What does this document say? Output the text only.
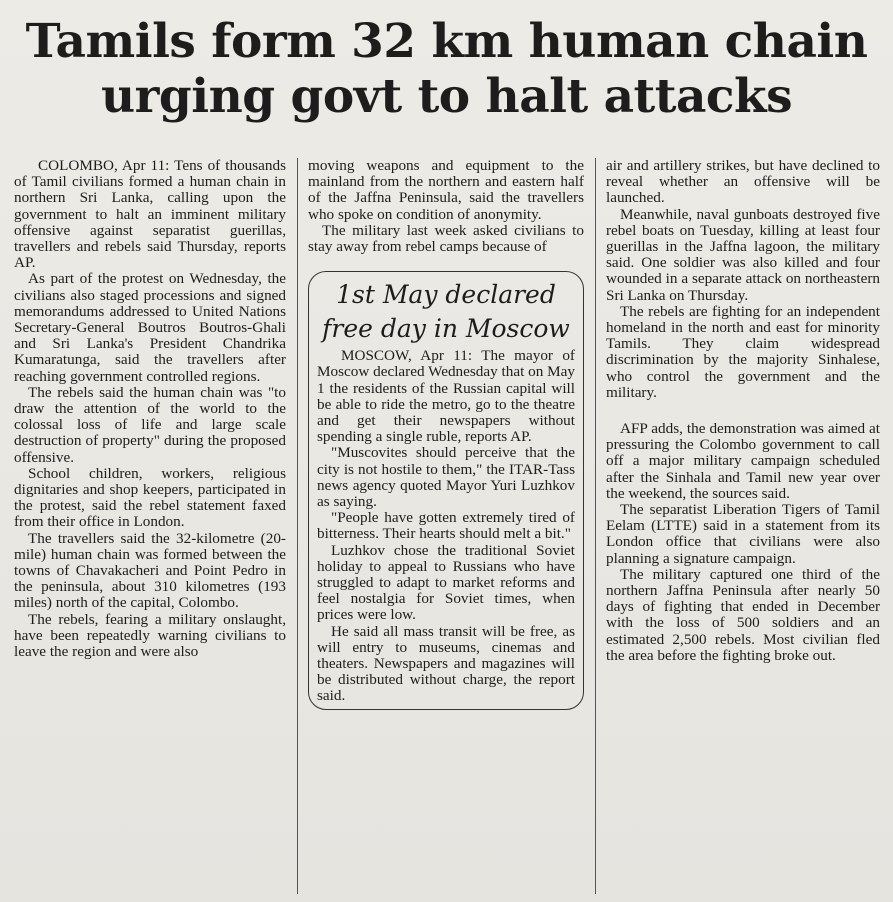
Tamils form 32 km human chain
urging govt to halt attacks

COLOMBO, Apr 11: Tens of thousands of Tamil civilians formed a human chain in northern Sri Lanka, calling upon the government to halt an imminent military offensive against separatist guerillas, travellers and rebels said Thursday, reports AP.

As part of the protest on Wednesday, the civilians also staged processions and signed memorandums addressed to United Nations Secretary-General Boutros Boutros-Ghali and Sri Lanka's President Chandrika Kumaratunga, said the travellers after reaching government controlled regions.

The rebels said the human chain was "to draw the attention of the world to the colossal loss of life and large scale destruction of property" during the proposed offensive.

School children, workers, religious dignitaries and shop keepers, participated in the protest, said the rebel statement faxed from their office in London.

The travellers said the 32-kilometre (20-mile) human chain was formed between the towns of Chavakacheri and Point Pedro in the peninsula, about 310 kilometres (193 miles) north of the capital, Colombo.

The rebels, fearing a military onslaught, have been repeatedly warning civilians to leave the region and were also

moving weapons and equipment to the mainland from the northern and eastern half of the Jaffna Peninsula, said the travellers who spoke on condition of anonymity.

The military last week asked civilians to stay away from rebel camps because of

1st May declared
free day in Moscow

MOSCOW, Apr 11: The mayor of Moscow declared Wednesday that on May 1 the residents of the Russian capital will be able to ride the metro, go to the theatre and get their newspapers without spending a single ruble, reports AP.

"Muscovites should perceive that the city is not hostile to them," the ITAR-Tass news agency quoted Mayor Yuri Luzhkov as saying.

"People have gotten extremely tired of bitterness. Their hearts should melt a bit."

Luzhkov chose the traditional Soviet holiday to appeal to Russians who have struggled to adapt to market reforms and feel nostalgia for Soviet times, when prices were low.

He said all mass transit will be free, as will entry to museums, cinemas and theaters. Newspapers and magazines will be distributed without charge, the report said.

air and artillery strikes, but have declined to reveal whether an offensive will be launched.

Meanwhile, naval gunboats destroyed five rebel boats on Tuesday, killing at least four guerillas in the Jaffna lagoon, the military said. One soldier was also killed and four wounded in a separate attack on northeastern Sri Lanka on Thursday.

The rebels are fighting for an independent homeland in the north and east for minority Tamils. They claim widespread discrimination by the majority Sinhalese, who control the government and the military.

AFP adds, the demonstration was aimed at pressuring the Colombo government to call off a major military campaign scheduled after the Sinhala and Tamil new year over the weekend, the sources said.

The separatist Liberation Tigers of Tamil Eelam (LTTE) said in a statement from its London office that civilians were also planning a signature campaign.

The military captured one third of the northern Jaffna Peninsula after nearly 50 days of fighting that ended in December with the loss of 500 soldiers and an estimated 2,500 rebels. Most civilian fled the area before the fighting broke out.
